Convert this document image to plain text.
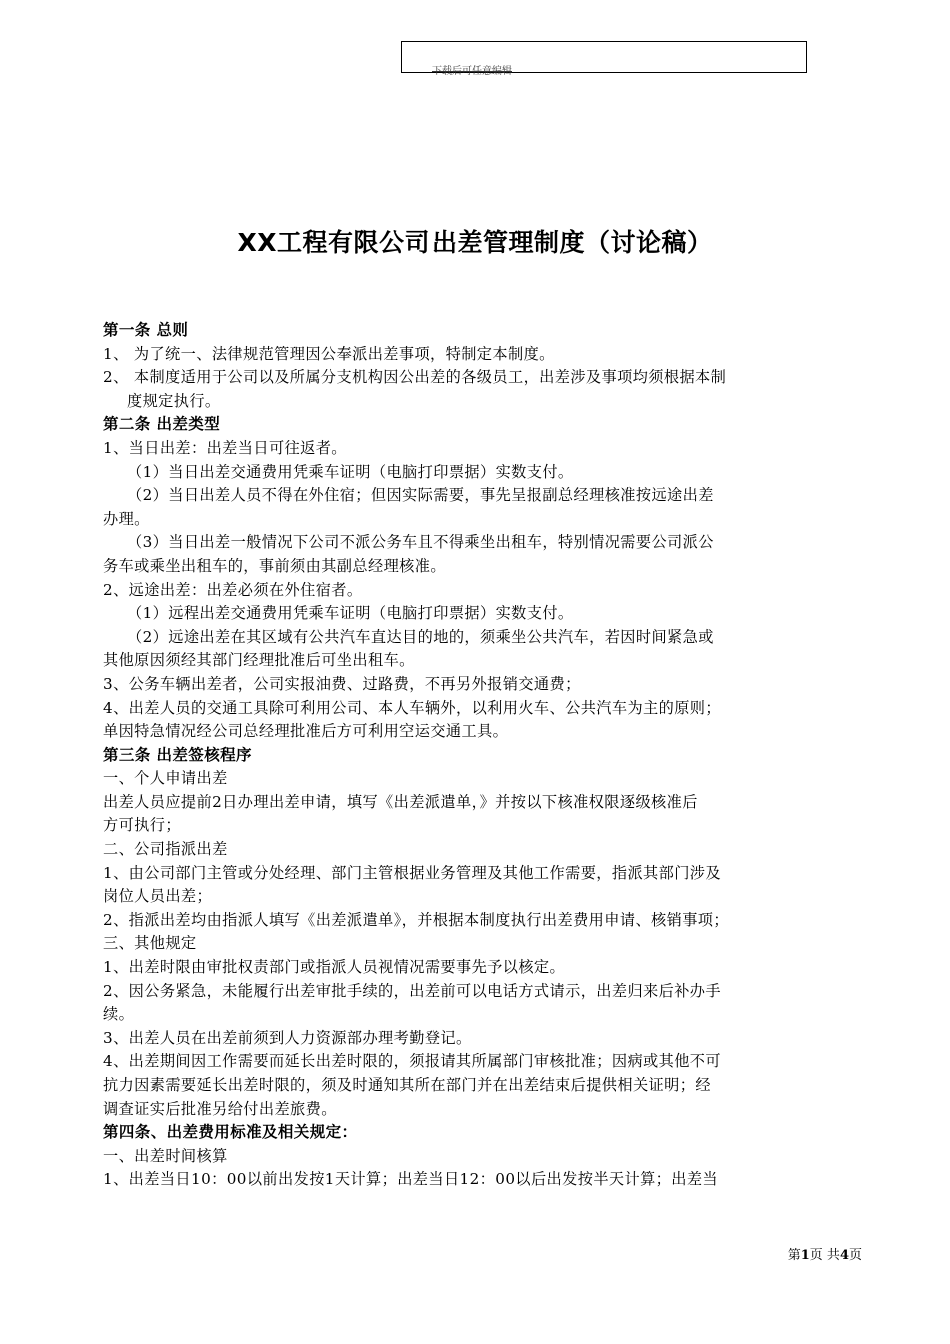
下载后可任意编辑
XX工程有限公司出差管理制度（讨论稿）

第一条 总则

1、 为了统一、法律规范管理因公奉派出差事项，特制定本制度。

2、 本制度适用于公司以及所属分支机构因公出差的各级员工，出差涉及事项均须根据本制

度规定执行。

第二条 出差类型

1、当日出差：出差当日可往返者。

（1）当日出差交通费用凭乘车证明（电脑打印票据）实数支付。

（2）当日出差人员不得在外住宿；但因实际需要，事先呈报副总经理核准按远途出差

办理。

（3）当日出差一般情况下公司不派公务车且不得乘坐出租车，特别情况需要公司派公

务车或乘坐出租车的，事前须由其副总经理核准。

2、远途出差：出差必须在外住宿者。

（1）远程出差交通费用凭乘车证明（电脑打印票据）实数支付。

（2）远途出差在其区域有公共汽车直达目的地的，须乘坐公共汽车，若因时间紧急或

其他原因须经其部门经理批准后可坐出租车。

3、公务车辆出差者，公司实报油费、过路费，不再另外报销交通费；

4、出差人员的交通工具除可利用公司、本人车辆外，以利用火车、公共汽车为主的原则；

单因特急情况经公司总经理批准后方可利用空运交通工具。

第三条 出差签核程序

一、个人申请出差

出差人员应提前2日办理出差申请，填写《出差派遣单，》并按以下核准权限逐级核准后

方可执行；

二、公司指派出差

1、由公司部门主管或分处经理、部门主管根据业务管理及其他工作需要，指派其部门涉及

岗位人员出差；

2、指派出差均由指派人填写《出差派遣单》，并根据本制度执行出差费用申请、核销事项；

三、其他规定

1、出差时限由审批权责部门或指派人员视情况需要事先予以核定。

2、因公务紧急，未能履行出差审批手续的，出差前可以电话方式请示，出差归来后补办手

续。

3、出差人员在出差前须到人力资源部办理考勤登记。

4、出差期间因工作需要而延长出差时限的，须报请其所属部门审核批准；因病或其他不可

抗力因素需要延长出差时限的，须及时通知其所在部门并在出差结束后提供相关证明；经

调查证实后批准另给付出差旅费。

第四条、出差费用标准及相关规定：

一、出差时间核算

1、出差当日10：00以前出发按1天计算；出差当日12：00以后出发按半天计算；出差当

第1页 共4页
